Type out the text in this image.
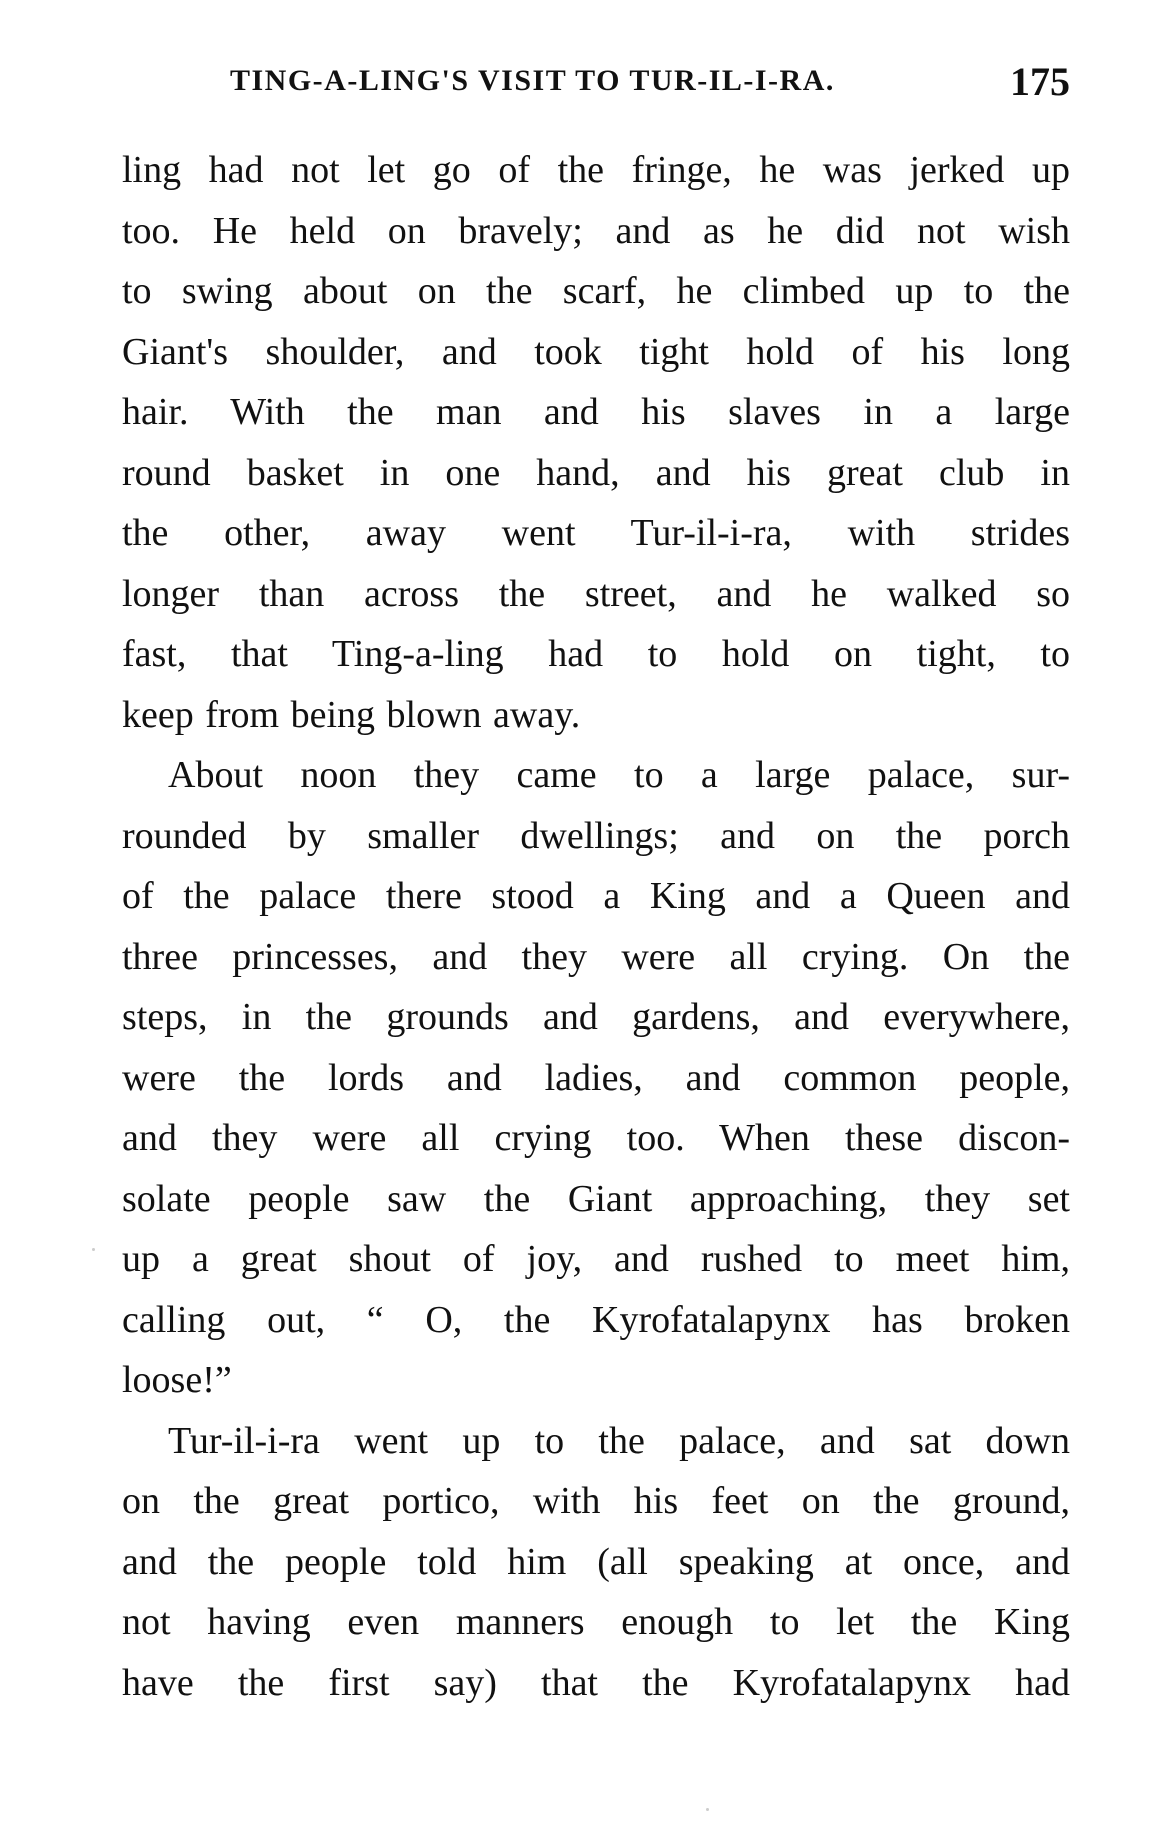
TING-A-LING'S VISIT TO TUR-IL-I-RA.	175
ling had not let go of the fringe, he was jerked up
too. He held on bravely; and as he did not wish
to swing about on the scarf, he climbed up to the
Giant's shoulder, and took tight hold of his long
hair. With the man and his slaves in a large
round basket in one hand, and his great club in
the other, away went Tur-il-i-ra, with strides
longer than across the street, and he walked so
fast, that Ting-a-ling had to hold on tight, to
keep from being blown away.
About noon they came to a large palace, sur-
rounded by smaller dwellings; and on the porch
of the palace there stood a King and a Queen and
three princesses, and they were all crying. On the
steps, in the grounds and gardens, and everywhere,
were the lords and ladies, and common people,
and they were all crying too. When these discon-
solate people saw the Giant approaching, they set
up a great shout of joy, and rushed to meet him,
calling out, “ O, the Kyrofatalapynx has broken
loose!”
Tur-il-i-ra went up to the palace, and sat down
on the great portico, with his feet on the ground,
and the people told him (all speaking at once, and
not having even manners enough to let the King
have the first say) that the Kyrofatalapynx had
